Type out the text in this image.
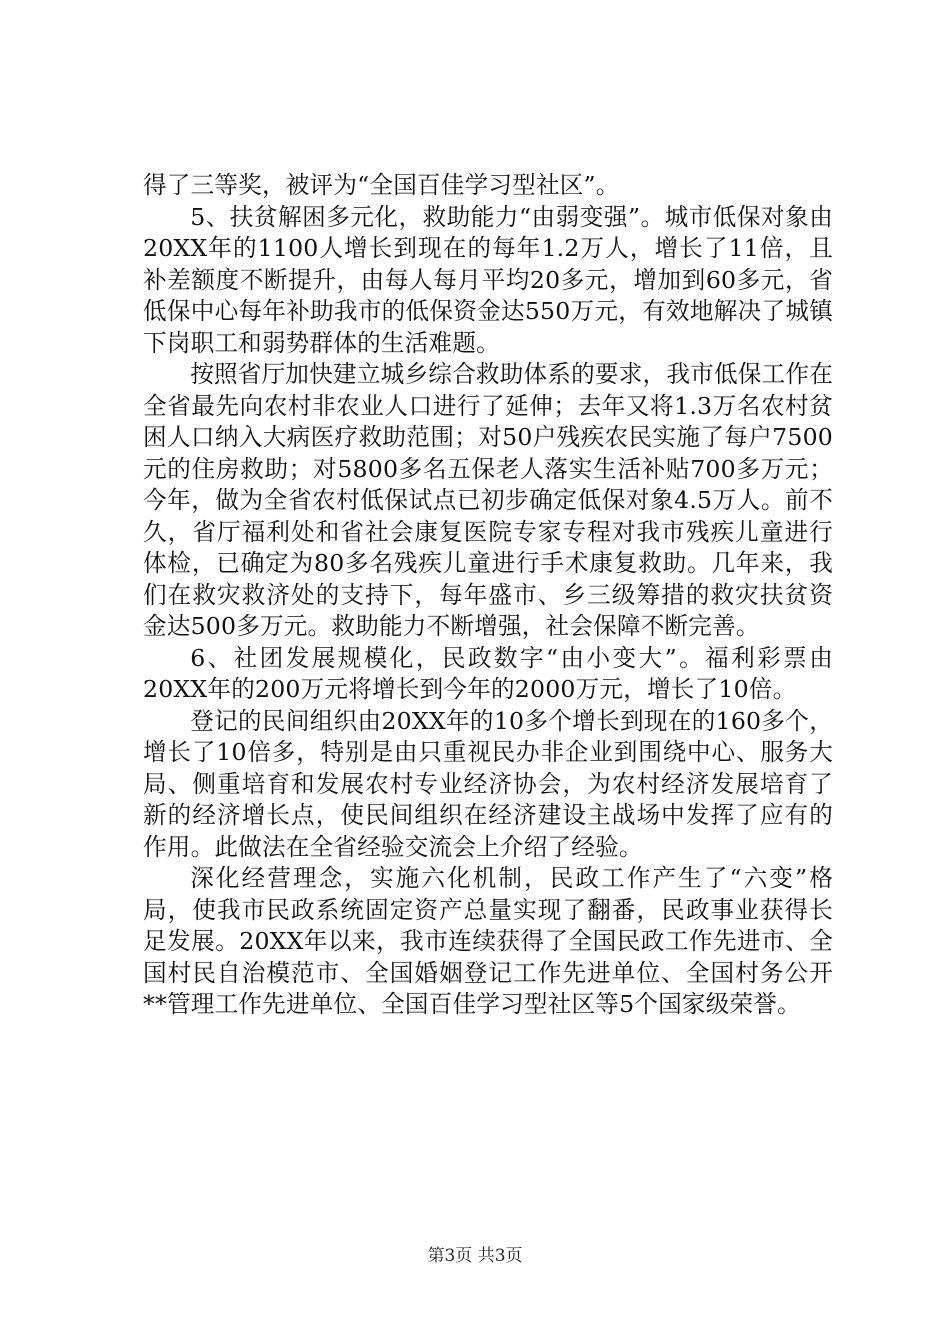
得了三等奖，被评为“全国百佳学习型社区”。

5、扶贫解困多元化，救助能力“由弱变强”。城市低保对象由20XX年的1100人增长到现在的每年1.2万人，增长了11倍，且补差额度不断提升，由每人每月平均20多元，增加到60多元，省低保中心每年补助我市的低保资金达550万元，有效地解决了城镇下岗职工和弱势群体的生活难题。

按照省厅加快建立城乡综合救助体系的要求，我市低保工作在全省最先向农村非农业人口进行了延伸；去年又将1.3万名农村贫困人口纳入大病医疗救助范围；对50户残疾农民实施了每户7500元的住房救助；对5800多名五保老人落实生活补贴700多万元；今年，做为全省农村低保试点已初步确定低保对象4.5万人。前不久，省厅福利处和省社会康复医院专家专程对我市残疾儿童进行体检，已确定为80多名残疾儿童进行手术康复救助。几年来，我们在救灾救济处的支持下，每年盛市、乡三级筹措的救灾扶贫资金达500多万元。救助能力不断增强，社会保障不断完善。

6、社团发展规模化，民政数字“由小变大”。福利彩票由20XX年的200万元将增长到今年的2000万元，增长了10倍。

登记的民间组织由20XX年的10多个增长到现在的160多个，增长了10倍多，特别是由只重视民办非企业到围绕中心、服务大局、侧重培育和发展农村专业经济协会，为农村经济发展培育了新的经济增长点，使民间组织在经济建设主战场中发挥了应有的作用。此做法在全省经验交流会上介绍了经验。

深化经营理念，实施六化机制，民政工作产生了“六变”格局，使我市民政系统固定资产总量实现了翻番，民政事业获得长足发展。20XX年以来，我市连续获得了全国民政工作先进市、全国村民自治模范市、全国婚姻登记工作先进单位、全国村务公开**管理工作先进单位、全国百佳学习型社区等5个国家级荣誉。

第3页 共3页
